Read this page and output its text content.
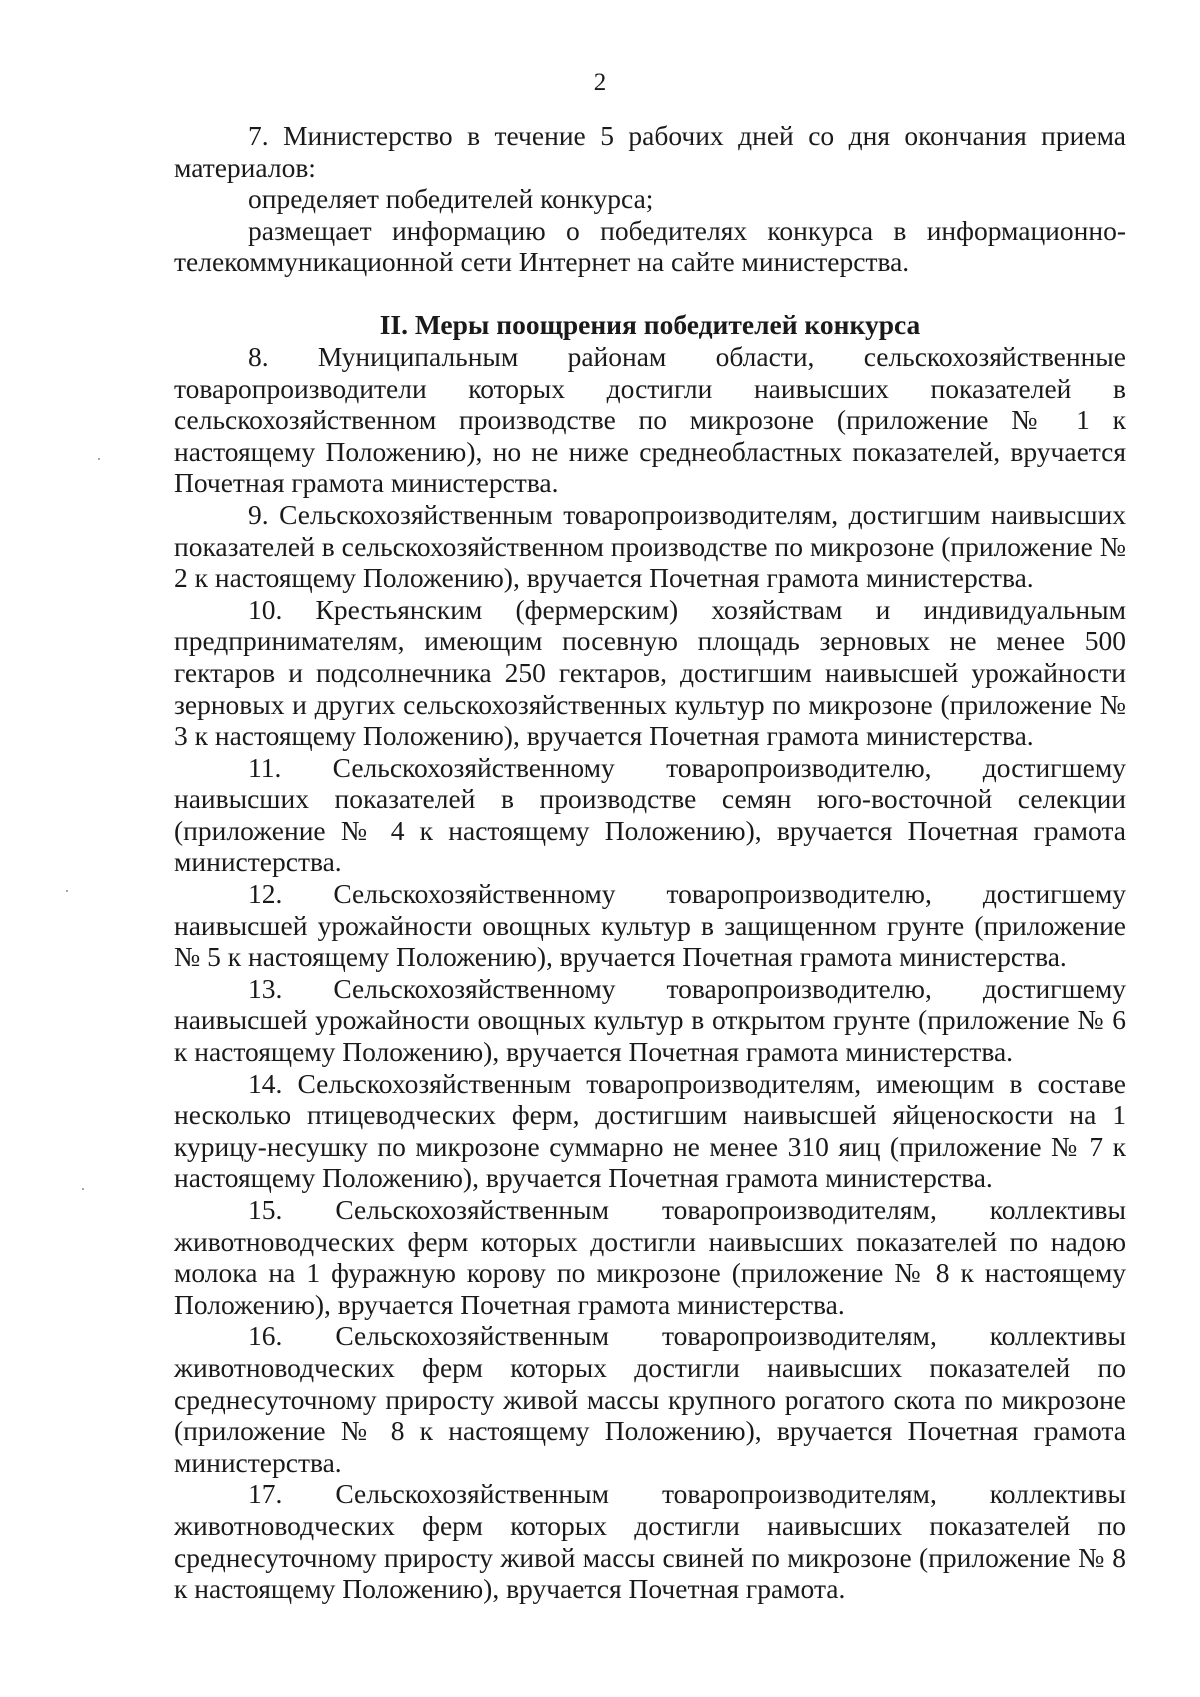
2

7. Министерство в течение 5 рабочих дней со дня окончания приема материалов:

определяет победителей конкурса;

размещает информацию о победителях конкурса в информационно-телекоммуникационной сети Интернет на сайте министерства.

II. Меры поощрения победителей конкурса

8. Муниципальным районам области, сельскохозяйственные товаропроизводители которых достигли наивысших показателей в сельскохозяйственном производстве по микрозоне (приложение № 1 к настоящему Положению), но не ниже среднеобластных показателей, вручается Почетная грамота министерства.

9. Сельскохозяйственным товаропроизводителям, достигшим наивысших показателей в сельскохозяйственном производстве по микрозоне (приложение № 2 к настоящему Положению), вручается Почетная грамота министерства.

10. Крестьянским (фермерским) хозяйствам и индивидуальным предпринимателям, имеющим посевную площадь зерновых не менее 500 гектаров и подсолнечника 250 гектаров, достигшим наивысшей урожайности зерновых и других сельскохозяйственных культур по микрозоне (приложение № 3 к настоящему Положению), вручается Почетная грамота министерства.

11. Сельскохозяйственному товаропроизводителю, достигшему наивысших показателей в производстве семян юго-восточной селекции (приложение № 4 к настоящему Положению), вручается Почетная грамота министерства.

12. Сельскохозяйственному товаропроизводителю, достигшему наивысшей урожайности овощных культур в защищенном грунте (приложение № 5 к настоящему Положению), вручается Почетная грамота министерства.

13. Сельскохозяйственному товаропроизводителю, достигшему наивысшей урожайности овощных культур в открытом грунте (приложение № 6 к настоящему Положению), вручается Почетная грамота министерства.

14. Сельскохозяйственным товаропроизводителям, имеющим в составе несколько птицеводческих ферм, достигшим наивысшей яйценоскости на 1 курицу-несушку по микрозоне суммарно не менее 310 яиц (приложение № 7 к настоящему Положению), вручается Почетная грамота министерства.

15. Сельскохозяйственным товаропроизводителям, коллективы животноводческих ферм которых достигли наивысших показателей по надою молока на 1 фуражную корову по микрозоне (приложение № 8 к настоящему Положению), вручается Почетная грамота министерства.

16. Сельскохозяйственным товаропроизводителям, коллективы животноводческих ферм которых достигли наивысших показателей по среднесуточному приросту живой массы крупного рогатого скота по микрозоне (приложение № 8 к настоящему Положению), вручается Почетная грамота министерства.

17. Сельскохозяйственным товаропроизводителям, коллективы животноводческих ферм которых достигли наивысших показателей по среднесуточному приросту живой массы свиней по микрозоне (приложение № 8 к настоящему Положению), вручается Почетная грамота.
